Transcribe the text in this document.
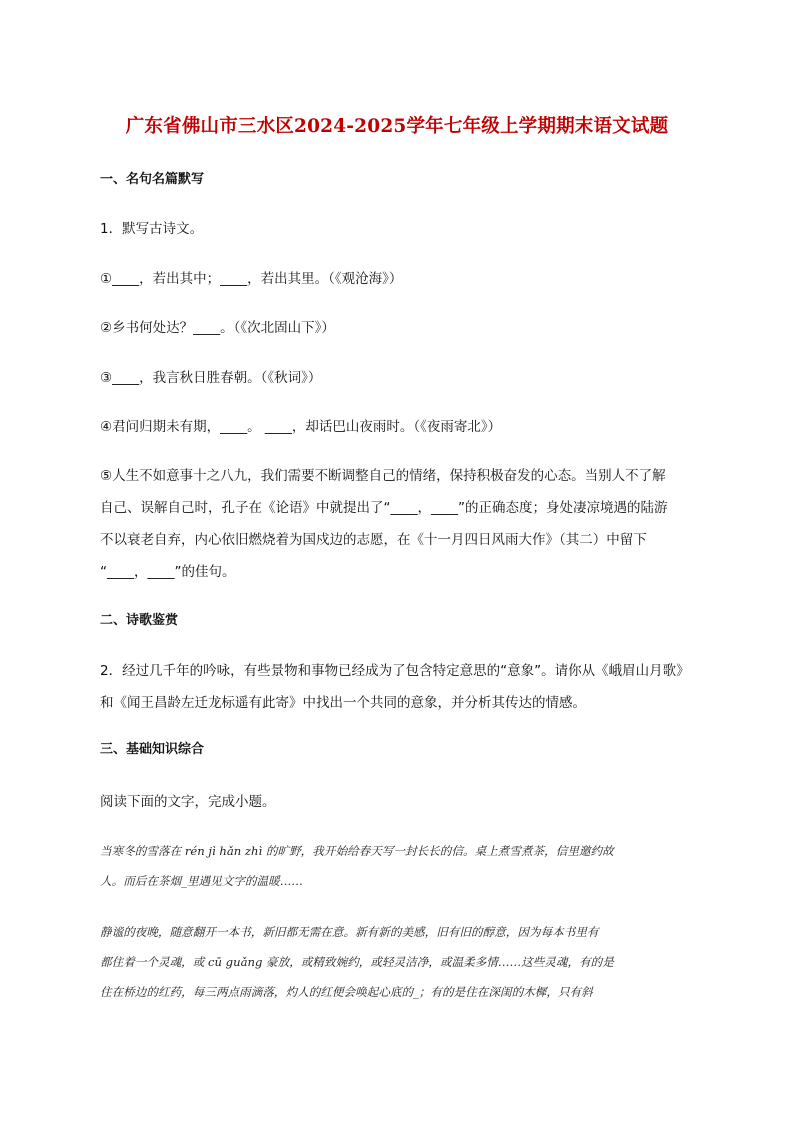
广东省佛山市三水区2024-2025学年七年级上学期期末语文试题
一、名句名篇默写
1．默写古诗文。
①____，若出其中；____，若出其里。（《观沧海》）
②乡书何处达？____。（《次北固山下》）
③____，我言秋日胜春朝。（《秋词》）
④君问归期未有期，____。 ____，却话巴山夜雨时。（《夜雨寄北》）
⑤人生不如意事十之八九，我们需要不断调整自己的情绪，保持积极奋发的心态。当别人不了解
自己、误解自己时，孔子在《论语》中就提出了“____，____”的正确态度；身处凄凉境遇的陆游
不以衰老自弃，内心依旧燃烧着为国戍边的志愿，在《十一月四日风雨大作》（其二）中留下
“____，____”的佳句。
二、诗歌鉴赏
2．经过几千年的吟咏，有些景物和事物已经成为了包含特定意思的“意象”。请你从《峨眉山月歌》
和《闻王昌龄左迁龙标遥有此寄》中找出一个共同的意象，并分析其传达的情感。
三、基础知识综合
阅读下面的文字，完成小题。
当寒冬的雪落在 rén jì hǎn zhì 的旷野，我开始给春天写一封长长的信。桌上煮雪煮茶，信里邀约故
人。而后在茶烟_里遇见文字的温暖……
静谧的夜晚，随意翻开一本书，新旧都无需在意。新有新的美感，旧有旧的醇意，因为每本书里有
都住着一个灵魂，或 cū guǎng 豪放，或精致婉约，或轻灵洁净，或温柔多情……这些灵魂，有的是
住在桥边的红药，每三两点雨滴落，灼人的红便会唤起心底的_；有的是住在深闺的木樨，只有斜
